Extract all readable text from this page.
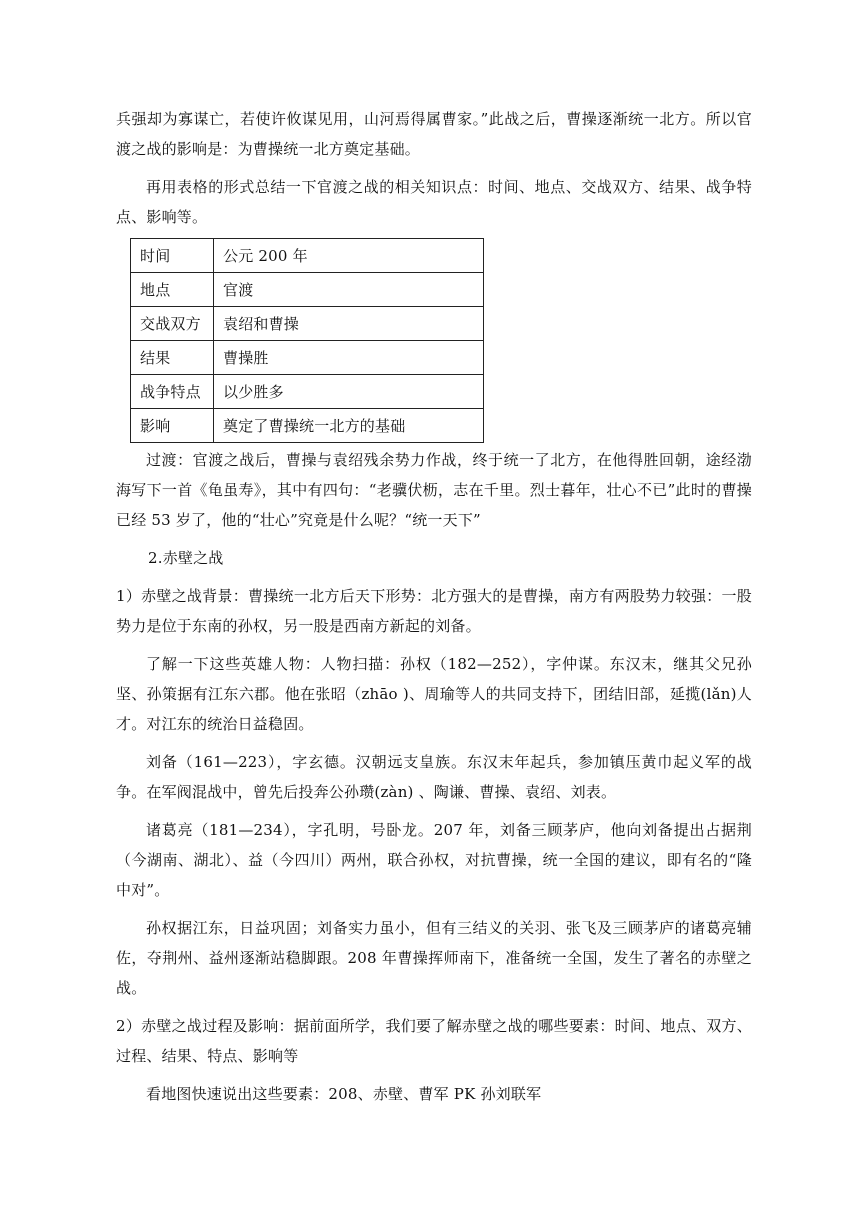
兵强却为寡谋亡，若使许攸谋见用，山河焉得属曹家。”此战之后，曹操逐渐统一北方。所以官渡之战的影响是：为曹操统一北方奠定基础。

再用表格的形式总结一下官渡之战的相关知识点：时间、地点、交战双方、结果、战争特点、影响等。

时间	公元 200 年
地点	官渡
交战双方	袁绍和曹操
结果	曹操胜
战争特点	以少胜多
影响	奠定了曹操统一北方的基础

过渡：官渡之战后，曹操与袁绍残余势力作战，终于统一了北方，在他得胜回朝，途经渤海写下一首《龟虽寿》，其中有四句：“老骥伏枥，志在千里。烈士暮年，壮心不已”此时的曹操已经 53 岁了，他的“壮心”究竟是什么呢？“统一天下”

2.赤壁之战

1）赤壁之战背景：曹操统一北方后天下形势：北方强大的是曹操，南方有两股势力较强：一股势力是位于东南的孙权，另一股是西南方新起的刘备。

了解一下这些英雄人物：人物扫描：孙权（182—252），字仲谋。东汉末，继其父兄孙坚、孙策据有江东六郡。他在张昭（zhāo )、周瑜等人的共同支持下，团结旧部，延揽(lǎn)人才。对江东的统治日益稳固。

刘备（161—223），字玄德。汉朝远支皇族。东汉末年起兵，参加镇压黄巾起义军的战争。在军阀混战中，曾先后投奔公孙瓒(zàn) 、陶谦、曹操、袁绍、刘表。

诸葛亮（181—234），字孔明，号卧龙。207 年，刘备三顾茅庐，他向刘备提出占据荆（今湖南、湖北）、益（今四川）两州，联合孙权，对抗曹操，统一全国的建议，即有名的“隆中对”。

孙权据江东，日益巩固；刘备实力虽小，但有三结义的关羽、张飞及三顾茅庐的诸葛亮辅佐，夺荆州、益州逐渐站稳脚跟。208 年曹操挥师南下，准备统一全国，发生了著名的赤壁之战。

2）赤壁之战过程及影响：据前面所学，我们要了解赤壁之战的哪些要素：时间、地点、双方、过程、结果、特点、影响等

看地图快速说出这些要素：208、赤壁、曹军 PK 孙刘联军
